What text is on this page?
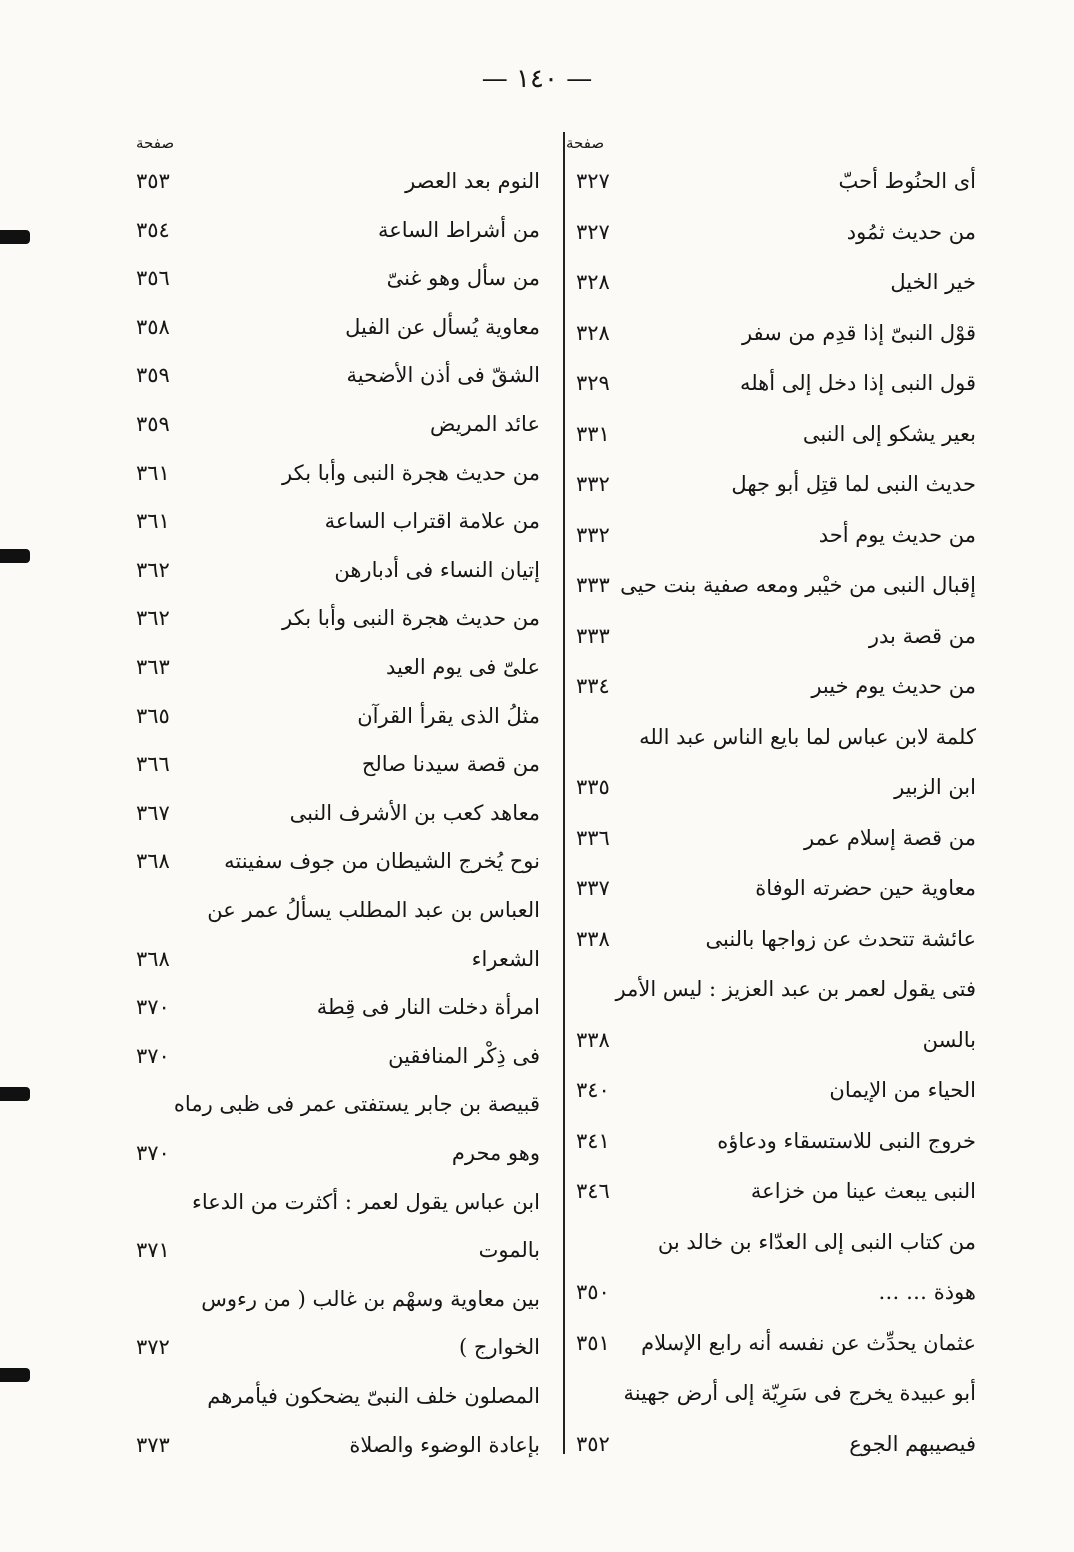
— ١٤٠ —
صفحة
صفحة
أى الحنُوط أحبّ
٣٢٧
من حديث ثمُود
٣٢٧
خير الخيل
٣٢٨
قوْل النبىّ إذا قدِم من سفر
٣٢٨
قول النبى إذا دخل إلى أهله
٣٢٩
بعير يشكو إلى النبى
٣٣١
حديث النبى لما قتِل أبو جهل
٣٣٢
من حديث يوم أحد
٣٣٢
إقبال النبى من خيْبر ومعه صفية بنت حيى
٣٣٣
من قصة بدر
٣٣٣
من حديث يوم خيبر
٣٣٤
كلمة لابن عباس لما بايع الناس عبد الله
ابن الزبير
٣٣٥
من قصة إسلام عمر
٣٣٦
معاوية حين حضرته الوفاة
٣٣٧
عائشة تتحدث عن زواجها بالنبى
٣٣٨
فتى يقول لعمر بن عبد العزيز : ليس الأمر
بالسن
٣٣٨
الحياء من الإيمان
٣٤٠
خروج النبى للاستسقاء ودعاؤه
٣٤١
النبى يبعث عينا من خزاعة
٣٤٦
من كتاب النبى إلى العدّاء بن خالد بن
هوذة … …
٣٥٠
عثمان يحدِّث عن نفسه أنه رابع الإسلام
٣٥١
أبو عبيدة يخرج فى سَرِيّة إلى أرض جهينة
فيصيبهم الجوع
٣٥٢
النوم بعد العصر
٣٥٣
من أشراط الساعة
٣٥٤
من سأل وهو غنىّ
٣٥٦
معاوية يُسأل عن الفيل
٣٥٨
الشقّ فى أذن الأضحية
٣٥٩
عائد المريض
٣٥٩
من حديث هجرة النبى وأبا بكر
٣٦١
من علامة اقتراب الساعة
٣٦١
إتيان النساء فى أدبارهن
٣٦٢
من حديث هجرة النبى وأبا بكر
٣٦٢
علىّ فى يوم العيد
٣٦٣
مثلُ الذى يقرأ القرآن
٣٦٥
من قصة سيدنا صالح
٣٦٦
معاهد كعب بن الأشرف النبى
٣٦٧
نوح يُخرج الشيطان من جوف سفينته
٣٦٨
العباس بن عبد المطلب يسألُ عمر عن
الشعراء
٣٦٨
امرأة دخلت النار فى قِطة
٣٧٠
فى ذِكْر المنافقين
٣٧٠
قبيصة بن جابر يستفتى عمر فى ظبى رماه
وهو محرم
٣٧٠
ابن عباس يقول لعمر : أكثرت من الدعاء
بالموت
٣٧١
بين معاوية وسهْم بن غالب ( من رءوس
الخوارج )
٣٧٢
المصلون خلف النبىّ يضحكون فيأمرهم
بإعادة الوضوء والصلاة
٣٧٣
